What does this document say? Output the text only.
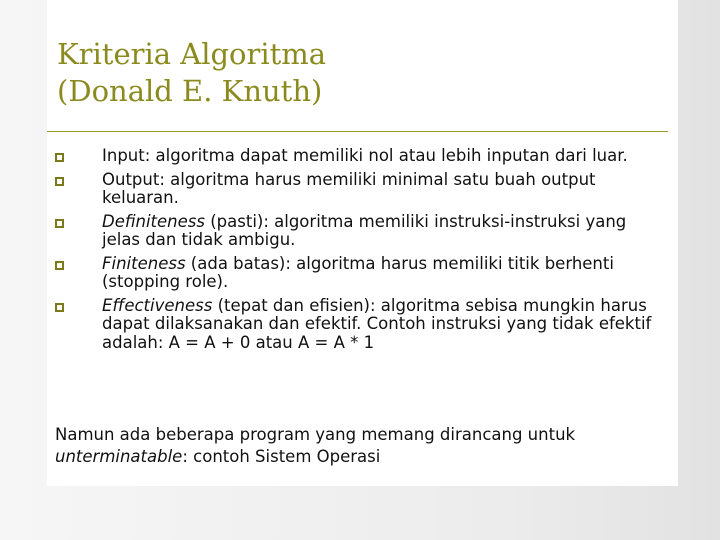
Kriteria Algoritma
(Donald E. Knuth)
Input: algoritma dapat memiliki nol atau lebih inputan dari luar.
Output: algoritma harus memiliki minimal satu buah output keluaran.
Definiteness (pasti): algoritma memiliki instruksi-instruksi yang jelas dan tidak ambigu.
Finiteness (ada batas): algoritma harus memiliki titik berhenti (stopping role).
Effectiveness (tepat dan efisien): algoritma sebisa mungkin harus dapat dilaksanakan dan efektif. Contoh instruksi yang tidak efektif adalah: A = A + 0 atau A = A * 1

Namun ada beberapa program yang memang dirancang untuk unterminatable: contoh Sistem Operasi
